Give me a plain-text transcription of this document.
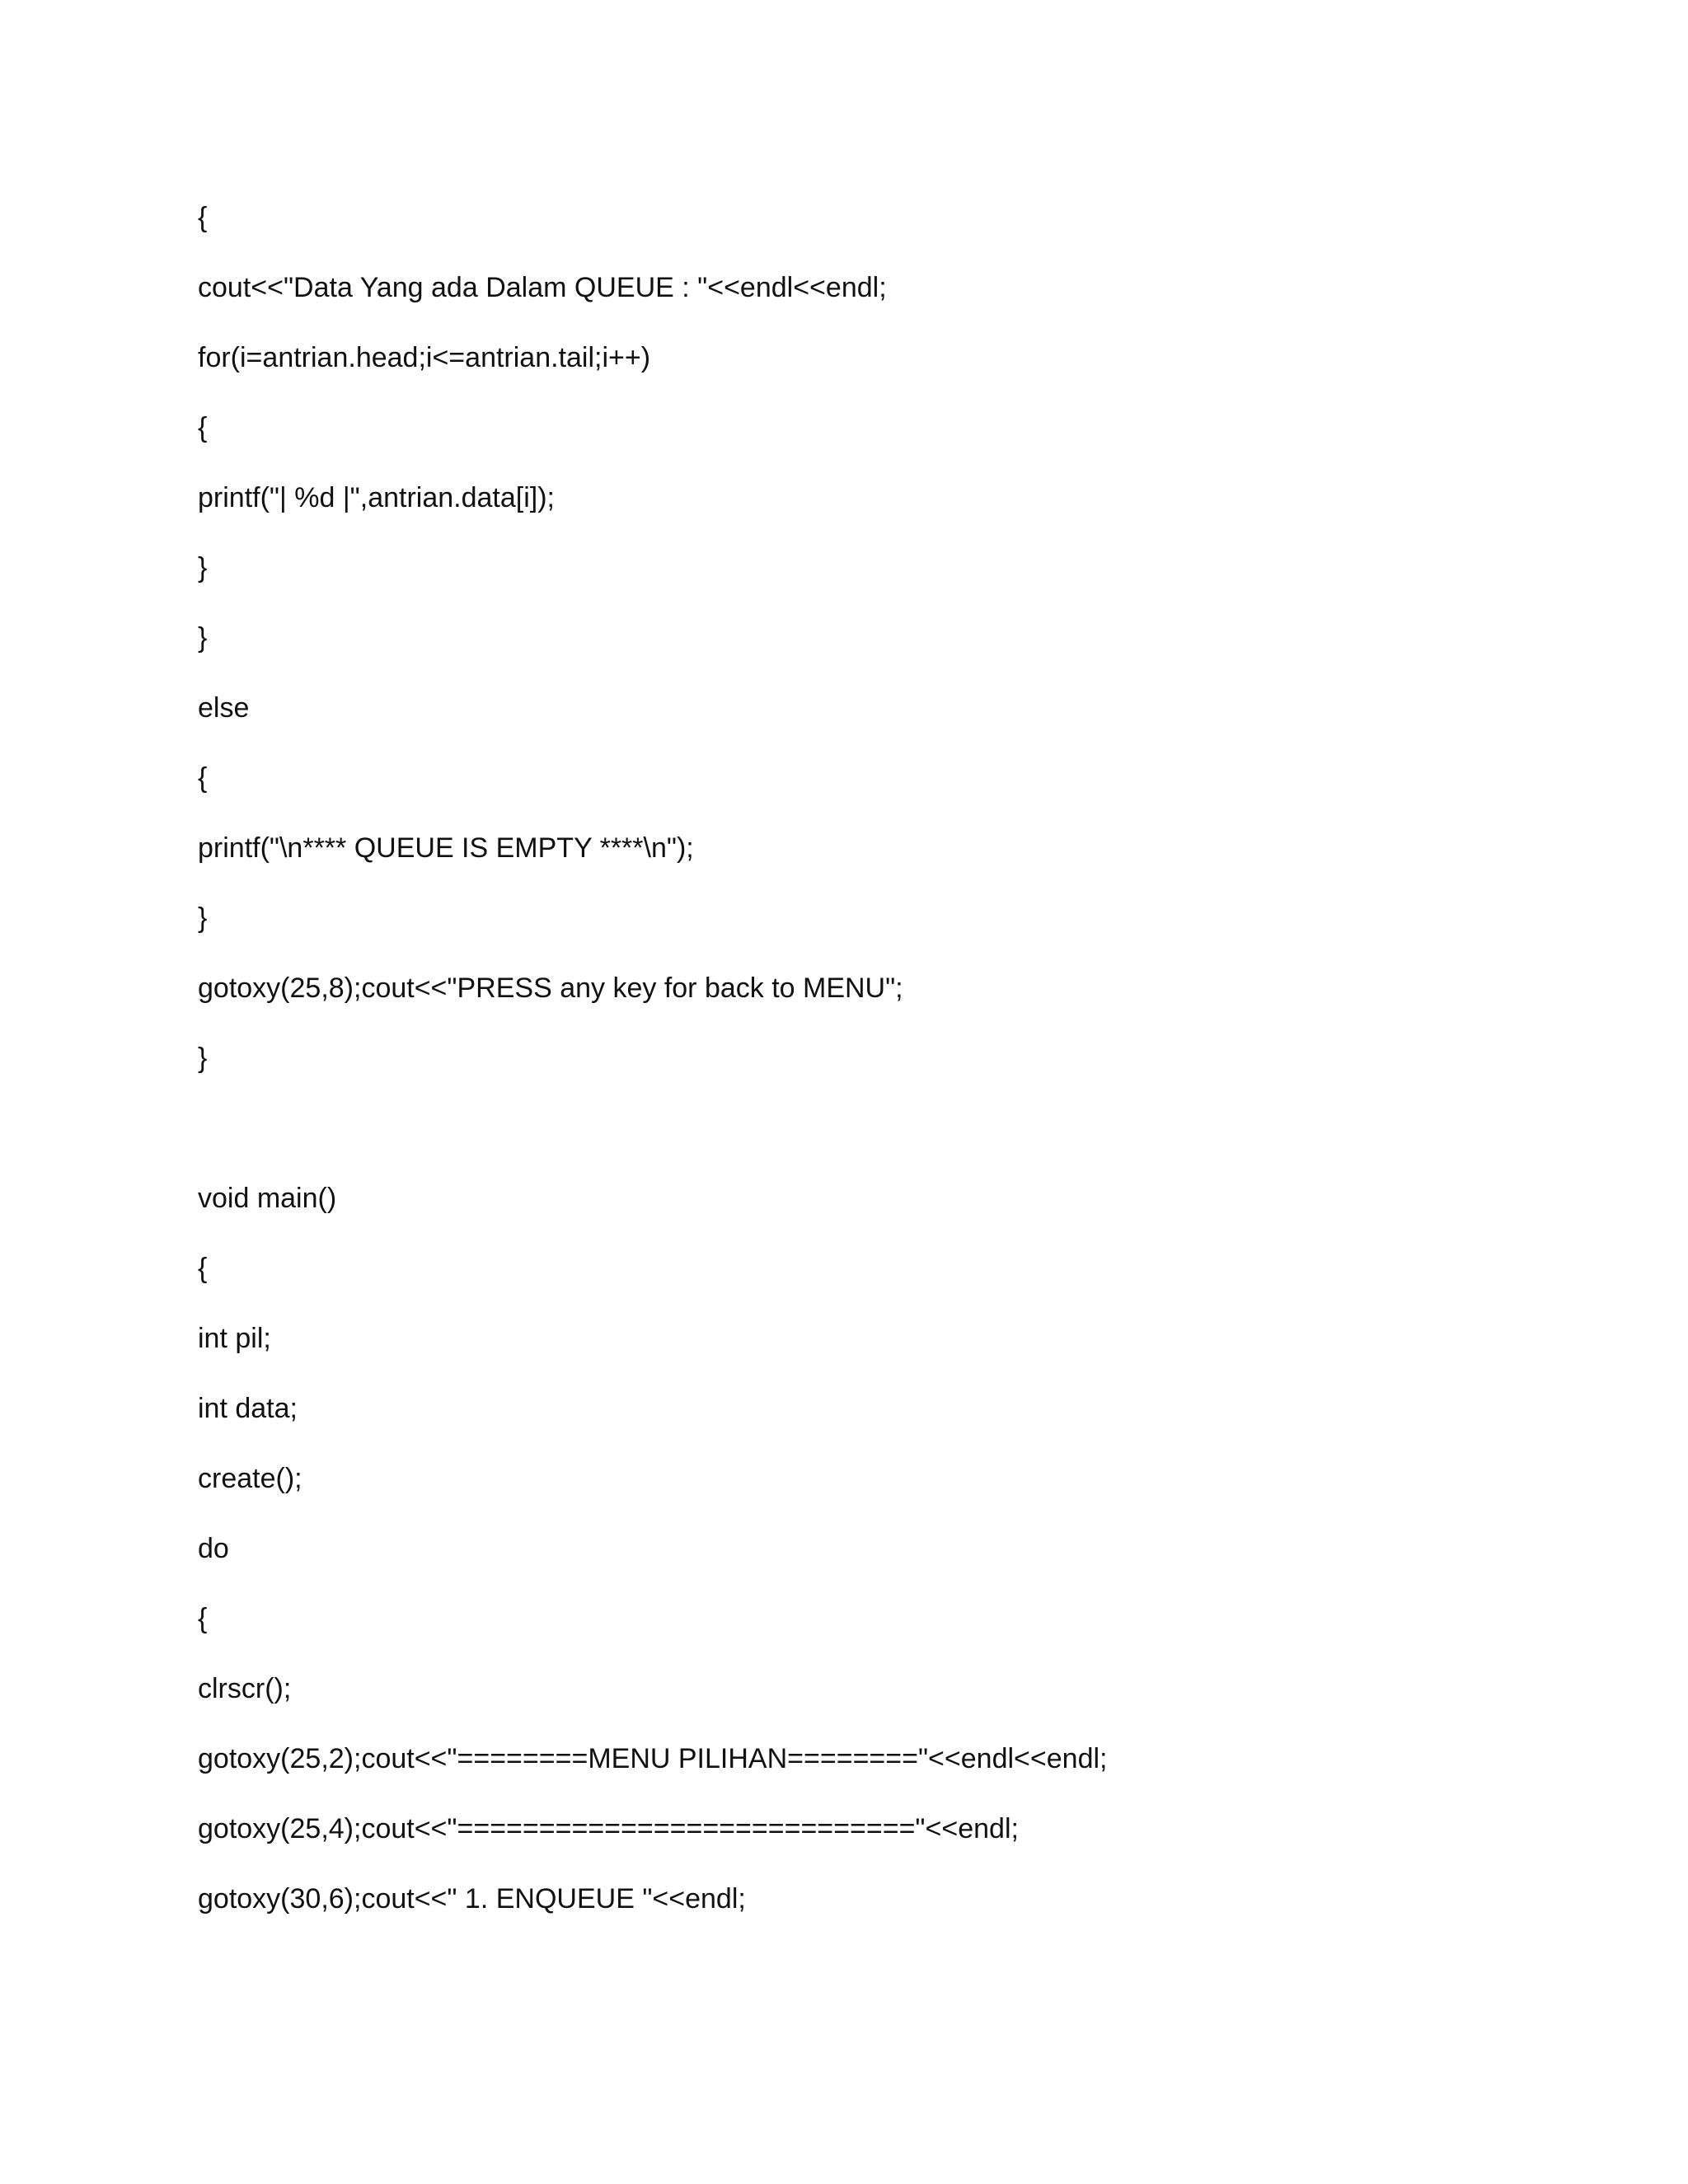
{
cout<<"Data Yang ada Dalam QUEUE : "<<endl<<endl;
for(i=antrian.head;i<=antrian.tail;i++)
{
printf("| %d |",antrian.data[i]);
}
}
else
{
printf("\n**** QUEUE IS EMPTY ****\n");
}
gotoxy(25,8);cout<<"PRESS any key for back to MENU";
}
void main()
{
int pil;
int data;
create();
do
{
clrscr();
gotoxy(25,2);cout<<"========MENU PILIHAN========"<<endl<<endl;
gotoxy(25,4);cout<<"============================"<<endl;
gotoxy(30,6);cout<<" 1. ENQUEUE "<<endl;
